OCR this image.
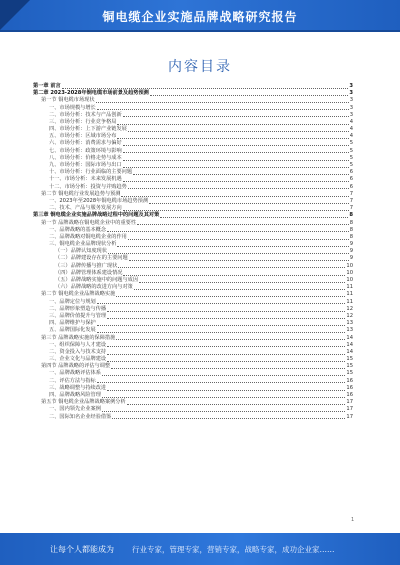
铜电缆企业实施品牌战略研究报告
内容目录
第一章 前言	3
第二章 2023-2028年铜电缆市场前景及趋势预测	3
第一节 铜电缆市场现状	3
一、市场规模与增长	3
二、市场分析：技术与产品创新	3
三、市场分析：行业竞争格局	4
四、市场分析：上下游产业链发展	4
五、市场分析：区域市场分布	4
六、市场分析：消费需求与偏好	5
七、市场分析：政策环境与影响	5
八、市场分析：价格走势与成本	5
九、市场分析：国际市场与出口	5
十、市场分析：行业面临的主要问题	6
十一、市场分析：未来发展机遇	6
十二、市场分析：投资与并购趋势	6
第二节 铜电缆行业发展趋势与预测	7
一、2023年至2028年铜电缆市场趋势预测	7
二、技术、产品与服务发展方向	7
第三章 铜电缆企业实施品牌战略过程中的问题及其对策	8
第一节 品牌战略在铜电缆企业中的重要性	8
一、品牌战略的基本概念	8
二、品牌战略对铜电缆企业的作用	8
三、铜电缆企业品牌现状分析	9
（一）品牌认知度现状	9
（二）品牌建设存在的主要问题	9
（三）品牌传播与推广现状	10
（四）品牌管理体系建设情况	10
（五）品牌战略实施中的问题与成因	10
（六）品牌战略的改进方向与对策	11
第二节 铜电缆企业品牌战略实施	11
一、品牌定位与规划	11
二、品牌形象塑造与传播	12
三、品牌价值提升与管理	12
四、品牌维护与保护	13
五、品牌国际化发展	13
第三节 品牌战略实施的保障措施	14
一、组织保障与人才建设	14
二、资金投入与技术支持	14
三、企业文化与品牌建设	15
第四节 品牌战略的评估与调整	15
一、品牌战略评估体系	15
二、评估方法与指标	16
三、战略调整与持续改进	16
四、品牌战略风险管理	16
第五节 铜电缆企业品牌战略案例分析	17
一、国内领先企业案例	17
二、国际知名企业经验借鉴	17
1
让每个人都能成为 行业专家，管理专家，营销专家，战略专家，成功企业家……
